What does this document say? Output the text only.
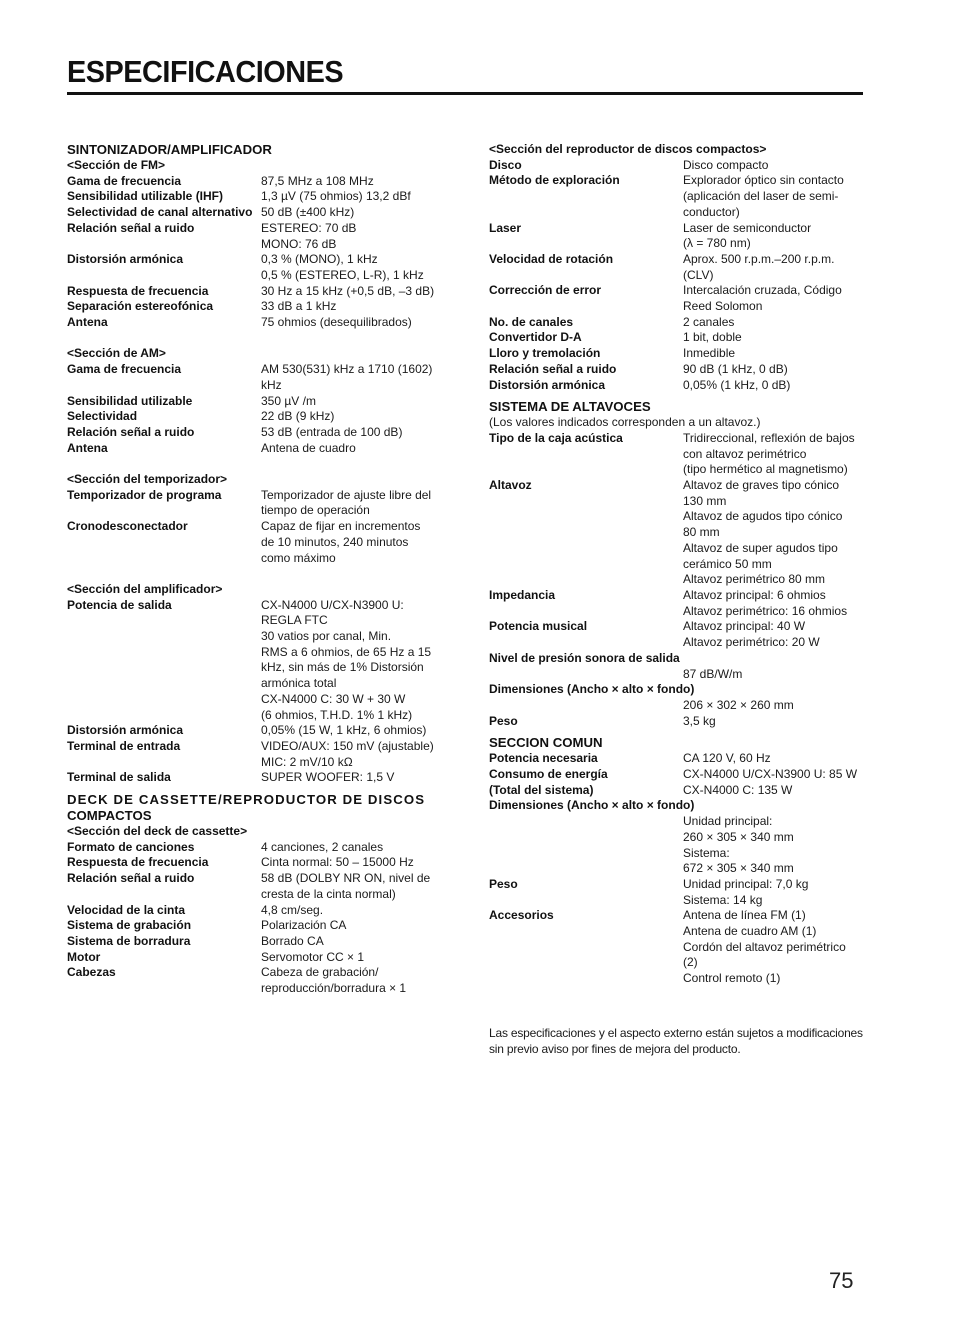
ESPECIFICACIONES
SINTONIZADOR/AMPLIFICADOR
<Sección de FM>
Gama de frecuencia	87,5 MHz a 108 MHz
Sensibilidad utilizable (IHF)	1,3 µV (75 ohmios) 13,2 dBf
Selectividad de canal alternativo 50 dB (±400 kHz)
Relación señal a ruido	ESTEREO: 70 dB
MONO: 76 dB
Distorsión armónica	0,3 % (MONO), 1 kHz
0,5 % (ESTEREO, L-R), 1 kHz
Respuesta de frecuencia	30 Hz a 15 kHz (+0,5 dB, –3 dB)
Separación estereofónica	33 dB a 1 kHz
Antena	75 ohmios (desequilibrados)
<Sección de AM>
Gama de frecuencia	AM 530(531) kHz a 1710 (1602)
kHz
Sensibilidad utilizable	350 µV /m
Selectividad	22 dB (9 kHz)
Relación señal a ruido	53 dB (entrada de 100 dB)
Antena	Antena de cuadro
<Sección del temporizador>
Temporizador de programa	Temporizador de ajuste libre del
tiempo de operación
Cronodesconectador	Capaz de fijar en incrementos
de 10 minutos, 240 minutos
como máximo
<Sección del amplificador>
Potencia de salida	CX-N4000 U/CX-N3900 U:
REGLA FTC
30 vatios por canal, Min.
RMS a 6 ohmios, de 65 Hz a 15
kHz, sin más de 1% Distorsión
armónica total
CX-N4000 C: 30 W + 30 W
(6 ohmios, T.H.D. 1% 1 kHz)
Distorsión armónica	0,05% (15 W, 1 kHz, 6 ohmios)
Terminal de entrada	VIDEO/AUX: 150 mV (ajustable)
MIC: 2 mV/10 kΩ
Terminal de salida	SUPER WOOFER: 1,5 V
DECK DE CASSETTE/REPRODUCTOR DE DISCOS
COMPACTOS
<Sección del deck de cassette>
Formato de canciones	4 canciones, 2 canales
Respuesta de frecuencia	Cinta normal: 50 – 15000 Hz
Relación señal a ruido	58 dB (DOLBY NR ON, nivel de
cresta de la cinta normal)
Velocidad de la cinta	4,8 cm/seg.
Sistema de grabación	Polarización CA
Sistema de borradura	Borrado CA
Motor	Servomotor CC × 1
Cabezas	Cabeza de grabación/
reproducción/borradura × 1
<Sección del reproductor de discos compactos>
Disco	Disco compacto
Método de exploración	Explorador óptico sin contacto
(aplicación del laser de semi-
conductor)
Laser	Laser de semiconductor
(λ = 780 nm)
Velocidad de rotación	Aprox. 500 r.p.m.–200 r.p.m.
(CLV)
Corrección de error	Intercalación cruzada, Código
Reed Solomon
No. de canales	2 canales
Convertidor D-A	1 bit, doble
Lloro y tremolación	Inmedible
Relación señal a ruido	90 dB (1 kHz, 0 dB)
Distorsión armónica	0,05% (1 kHz, 0 dB)
SISTEMA DE ALTAVOCES
(Los valores indicados corresponden a un altavoz.)
Tipo de la caja acústica	Tridireccional, reflexión de bajos
con altavoz perimétrico
(tipo hermético al magnetismo)
Altavoz	Altavoz de graves tipo cónico
130 mm
Altavoz de agudos tipo cónico
80 mm
Altavoz de super agudos tipo
cerámico 50 mm
Altavoz perimétrico 80 mm
Impedancia	Altavoz principal: 6 ohmios
Altavoz perimétrico: 16 ohmios
Potencia musical	Altavoz principal: 40 W
Altavoz perimétrico: 20 W
Nivel de presión sonora de salida
87 dB/W/m
Dimensiones (Ancho × alto × fondo)
206 × 302 × 260 mm
Peso	3,5 kg
SECCION COMUN
Potencia necesaria	CA 120 V, 60 Hz
Consumo de energía	CX-N4000 U/CX-N3900 U: 85 W
(Total del sistema)	CX-N4000 C: 135 W
Dimensiones (Ancho × alto × fondo)
Unidad principal:
260 × 305 × 340 mm
Sistema:
672 × 305 × 340 mm
Peso	Unidad principal: 7,0 kg
Sistema: 14 kg
Accesorios	Antena de línea FM (1)
Antena de cuadro AM (1)
Cordón del altavoz perimétrico
(2)
Control remoto (1)
Las especificaciones y el aspecto externo están sujetos a modificaciones sin previo aviso por fines de mejora del producto.
75
